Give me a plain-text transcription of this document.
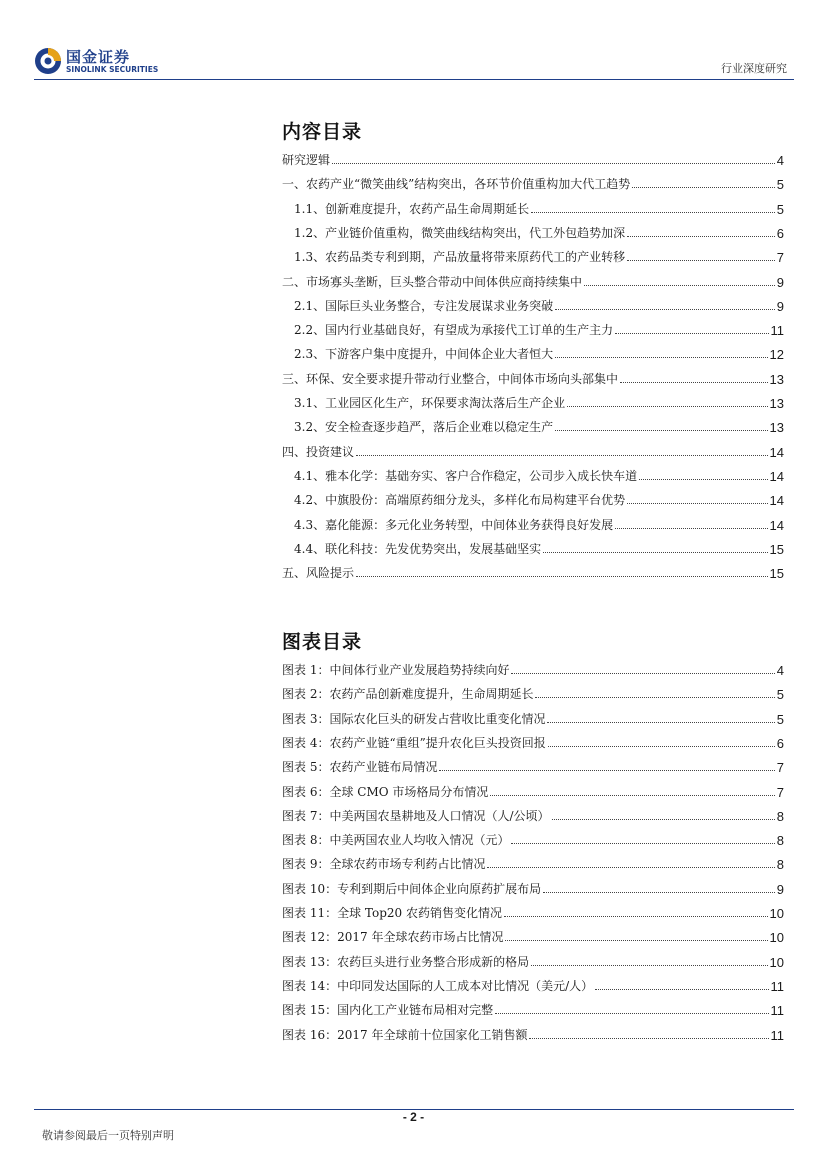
国金证券
SINOLINK SECURITIES	行业深度研究
内容目录
研究逻辑	4
一、农药产业“微笑曲线”结构突出，各环节价值重构加大代工趋势	5
1.1、创新难度提升，农药产品生命周期延长	5
1.2、产业链价值重构，微笑曲线结构突出，代工外包趋势加深	6
1.3、农药品类专利到期，产品放量将带来原药代工的产业转移	7
二、市场寡头垄断，巨头整合带动中间体供应商持续集中	9
2.1、国际巨头业务整合，专注发展谋求业务突破	9
2.2、国内行业基础良好，有望成为承接代工订单的生产主力	11
2.3、下游客户集中度提升，中间体企业大者恒大	12
三、环保、安全要求提升带动行业整合，中间体市场向头部集中	13
3.1、工业园区化生产，环保要求淘汰落后生产企业	13
3.2、安全检查逐步趋严，落后企业难以稳定生产	13
四、投资建议	14
4.1、雅本化学：基础夯实、客户合作稳定，公司步入成长快车道	14
4.2、中旗股份：高端原药细分龙头，多样化布局构建平台优势	14
4.3、嘉化能源：多元化业务转型，中间体业务获得良好发展	14
4.4、联化科技：先发优势突出，发展基础坚实	15
五、风险提示	15
图表目录
图表 1：中间体行业产业发展趋势持续向好	4
图表 2：农药产品创新难度提升，生命周期延长	5
图表 3：国际农化巨头的研发占营收比重变化情况	5
图表 4：农药产业链“重组”提升农化巨头投资回报	6
图表 5：农药产业链布局情况	7
图表 6：全球 CMO 市场格局分布情况	7
图表 7：中美两国农垦耕地及人口情况（人/公顷）	8
图表 8：中美两国农业人均收入情况（元）	8
图表 9：全球农药市场专利药占比情况	8
图表 10：专利到期后中间体企业向原药扩展布局	9
图表 11：全球 Top20 农药销售变化情况	10
图表 12：2017 年全球农药市场占比情况	10
图表 13：农药巨头进行业务整合形成新的格局	10
图表 14：中印同发达国际的人工成本对比情况（美元/人）	11
图表 15：国内化工产业链布局相对完整	11
图表 16：2017 年全球前十位国家化工销售额	11
- 2 -
敬请参阅最后一页特别声明
